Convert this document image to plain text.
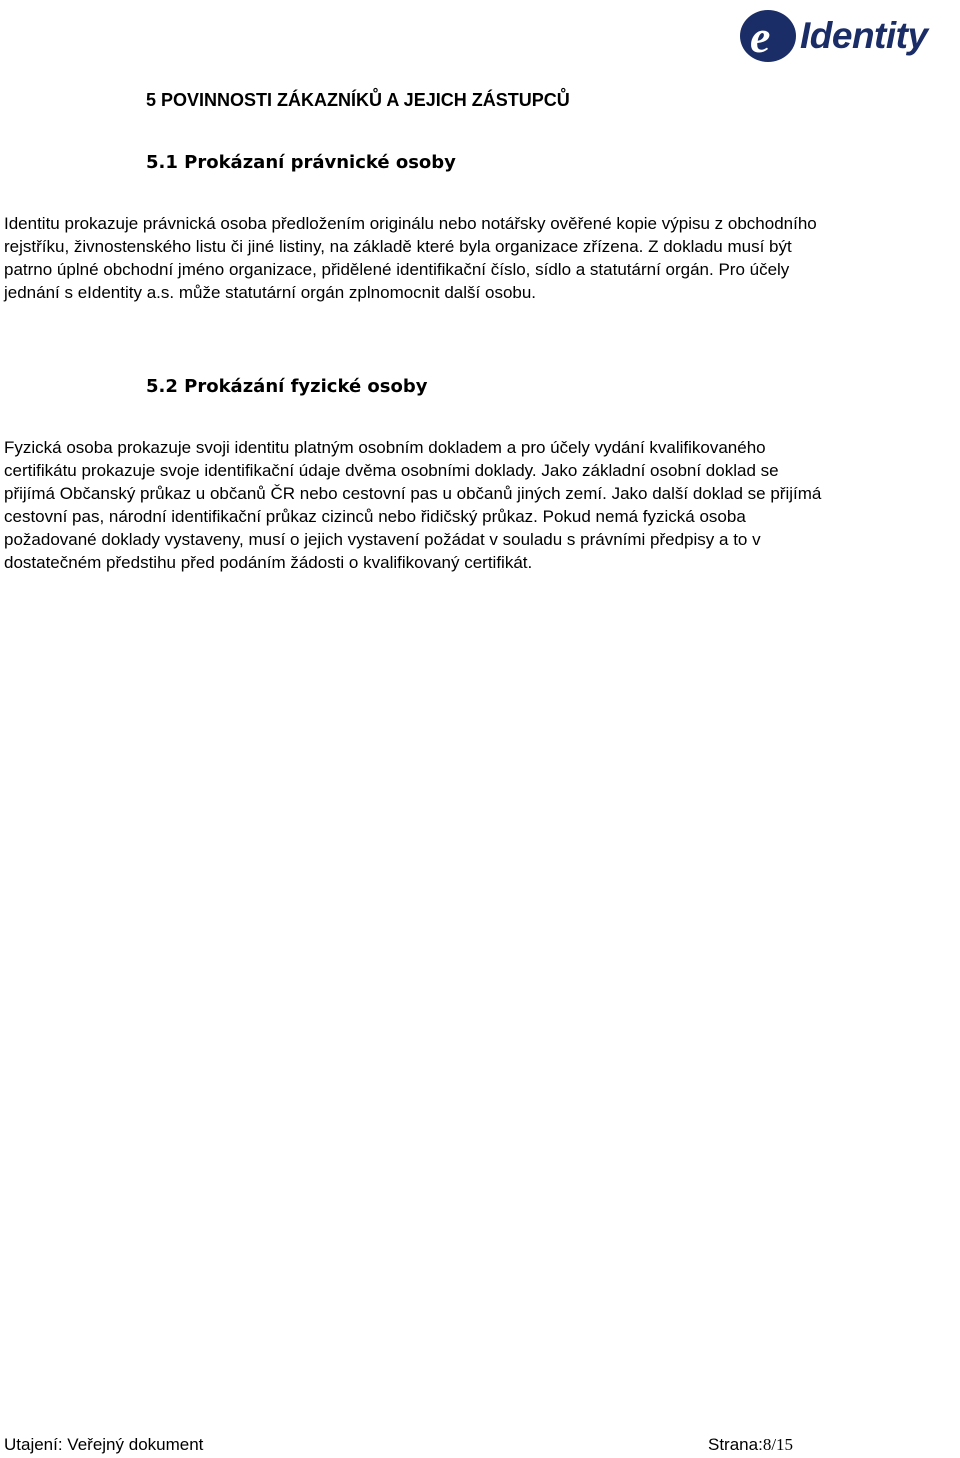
e Identity
5 POVINNOSTI ZÁKAZNÍKŮ A JEJICH ZÁSTUPCŮ
5.1 Prokázaní právnické osoby
Identitu prokazuje právnická osoba předložením originálu nebo notářsky ověřené kopie výpisu z obchodního
rejstříku, živnostenského listu či jiné listiny, na základě které byla organizace zřízena. Z dokladu musí být
patrno úplné obchodní jméno organizace, přidělené identifikační číslo, sídlo a statutární orgán. Pro účely
jednání s eIdentity a.s. může statutární orgán zplnomocnit další osobu.
5.2 Prokázání fyzické osoby
Fyzická osoba prokazuje svoji identitu platným osobním dokladem a pro účely vydání kvalifikovaného
certifikátu prokazuje svoje identifikační údaje dvěma osobními doklady. Jako základní osobní doklad se
přijímá Občanský průkaz u občanů ČR nebo cestovní pas u občanů jiných zemí. Jako další doklad se přijímá
cestovní pas, národní identifikační průkaz cizinců nebo řidičský průkaz. Pokud nemá fyzická osoba
požadované doklady vystaveny, musí o jejich vystavení požádat v souladu s právními předpisy a to v
dostatečném předstihu před podáním žádosti o kvalifikovaný certifikát.
Utajení: Veřejný dokument	Strana:8/15
